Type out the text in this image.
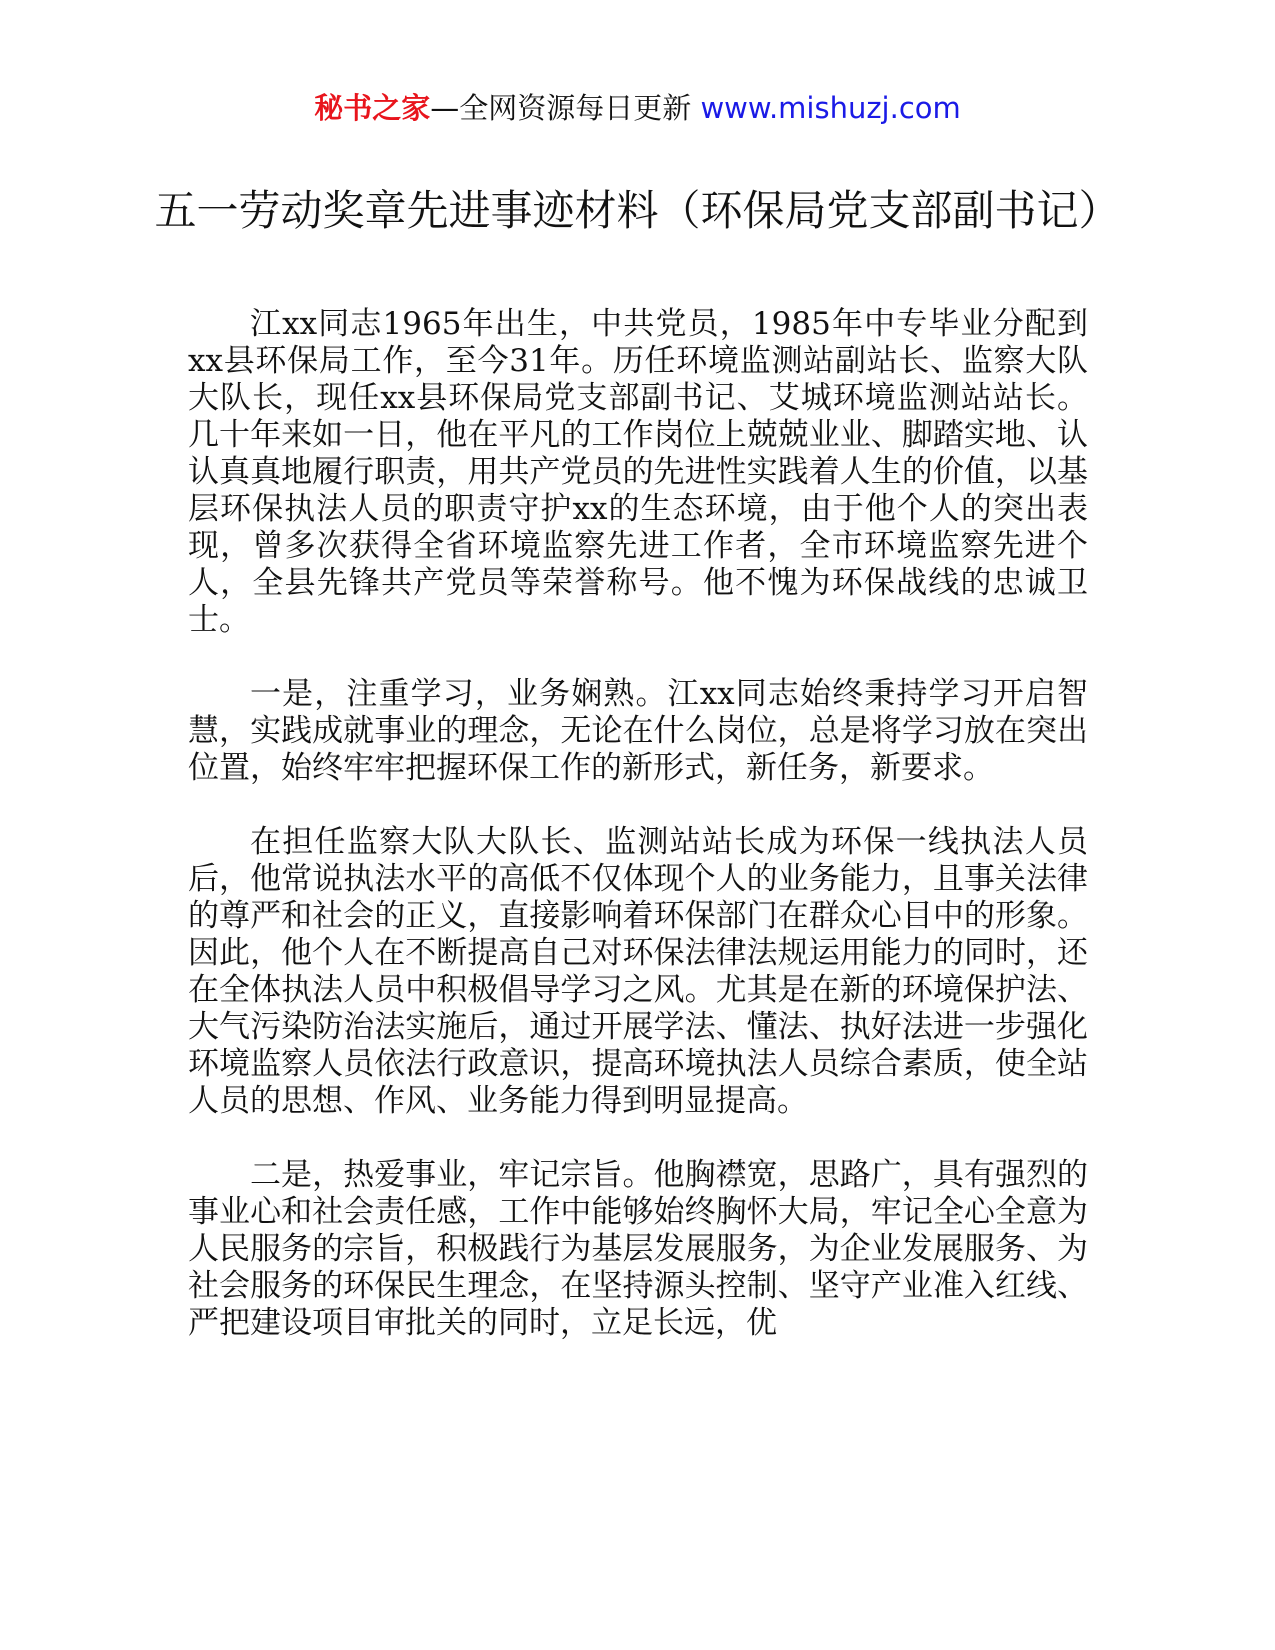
秘书之家—全网资源每日更新 www.mishuzj.com
五一劳动奖章先进事迹材料（环保局党支部副书记）

江xx同志1965年出生，中共党员，1985年中专毕业分配到xx县环保局工作，至今31年。历任环境监测站副站长、监察大队大队长，现任xx县环保局党支部副书记、艾城环境监测站站长。几十年来如一日，他在平凡的工作岗位上兢兢业业、脚踏实地、认认真真地履行职责，用共产党员的先进性实践着人生的价值，以基层环保执法人员的职责守护xx的生态环境，由于他个人的突出表现，曾多次获得全省环境监察先进工作者，全市环境监察先进个人，全县先锋共产党员等荣誉称号。他不愧为环保战线的忠诚卫士。

一是，注重学习，业务娴熟。江xx同志始终秉持学习开启智慧，实践成就事业的理念，无论在什么岗位，总是将学习放在突出位置，始终牢牢把握环保工作的新形式，新任务，新要求。

在担任监察大队大队长、监测站站长成为环保一线执法人员后，他常说执法水平的高低不仅体现个人的业务能力，且事关法律的尊严和社会的正义，直接影响着环保部门在群众心目中的形象。因此，他个人在不断提高自己对环保法律法规运用能力的同时，还在全体执法人员中积极倡导学习之风。尤其是在新的环境保护法、大气污染防治法实施后，通过开展学法、懂法、执好法进一步强化环境监察人员依法行政意识，提高环境执法人员综合素质，使全站人员的思想、作风、业务能力得到明显提高。

二是，热爱事业，牢记宗旨。他胸襟宽，思路广，具有强烈的事业心和社会责任感，工作中能够始终胸怀大局，牢记全心全意为人民服务的宗旨，积极践行为基层发展服务，为企业发展服务、为社会服务的环保民生理念，在坚持源头控制、坚守产业准入红线、严把建设项目审批关的同时，立足长远，优
